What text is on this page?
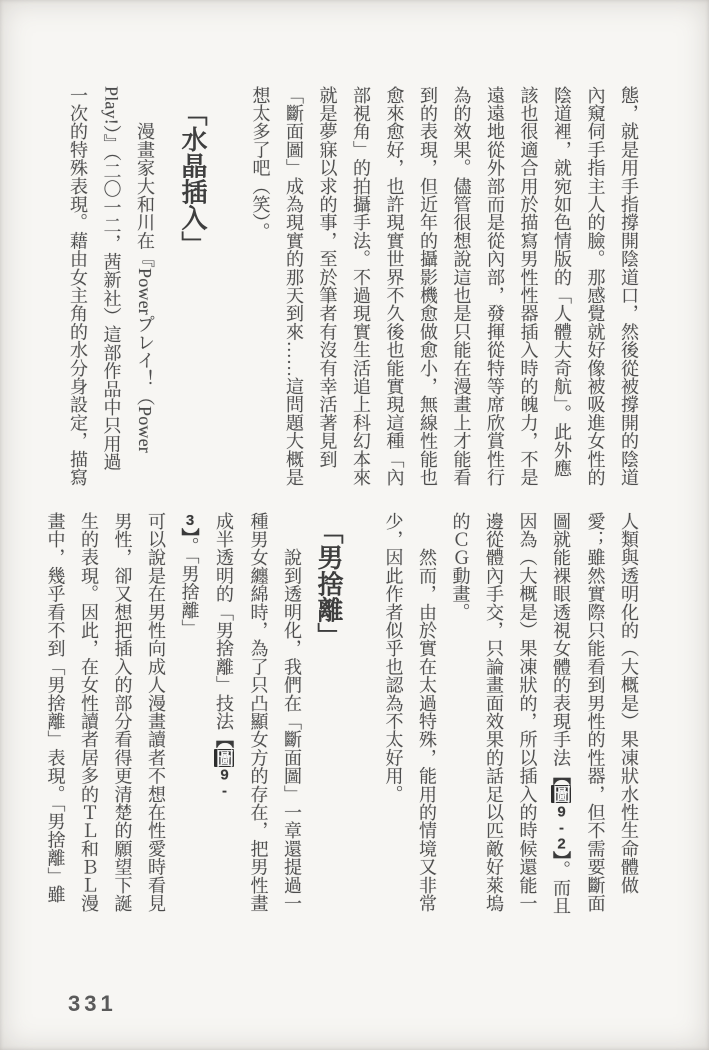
態，就是用手指撐開陰道口，然後從被撐開的陰道
內窺伺手指主人的臉。那感覺就好像被吸進女性的
陰道裡，就宛如色情版的「人體大奇航」。此外應
該也很適合用於描寫男性性器插入時的魄力，不是
遠遠地從外部而是從內部，發揮從特等席欣賞性行
為的效果。儘管很想說這也是只能在漫畫上才能看
到的表現，但近年的攝影機愈做愈小，無線性能也
愈來愈好，也許現實世界不久後也能實現這種「內
部視角」的拍攝手法。不過現實生活追上科幻本來
就是夢寐以求的事，至於筆者有沒有幸活著見到
「斷面圖」成為現實的那天到來……這問題大概是
想太多了吧（笑）。
「水晶插入」
　　漫畫家大和川在『Powerプレイ！（Power
Play!）』（二〇一二，茜新社）這部作品中只用過
一次的特殊表現。藉由女主角的水分身設定，描寫
人類與透明化的（大概是）果凍狀水性生命體做
愛；雖然實際只能看到男性的性器，但不需要斷面
圖就能裸眼透視女體的表現手法【圖9-2】。而且
因為（大概是）果凍狀的，所以插入的時候還能一
邊從體內手交，只論畫面效果的話足以匹敵好萊塢
的ＣＧ動畫。
　　然而，由於實在太過特殊，能用的情境又非常
少，因此作者似乎也認為不太好用。
「男捨離」
　　說到透明化，我們在「斷面圖」一章還提過一
種男女纏綿時，為了只凸顯女方的存在，把男性畫
成半透明的「男捨離」技法【圖9-3】。「男捨離」
可以說是在男性向成人漫畫讀者不想在性愛時看見
男性，卻又想把插入的部分看得更清楚的願望下誕
生的表現。因此，在女性讀者居多的ＴＬ和ＢＬ漫
畫中，幾乎看不到「男捨離」表現。「男捨離」雖
331
